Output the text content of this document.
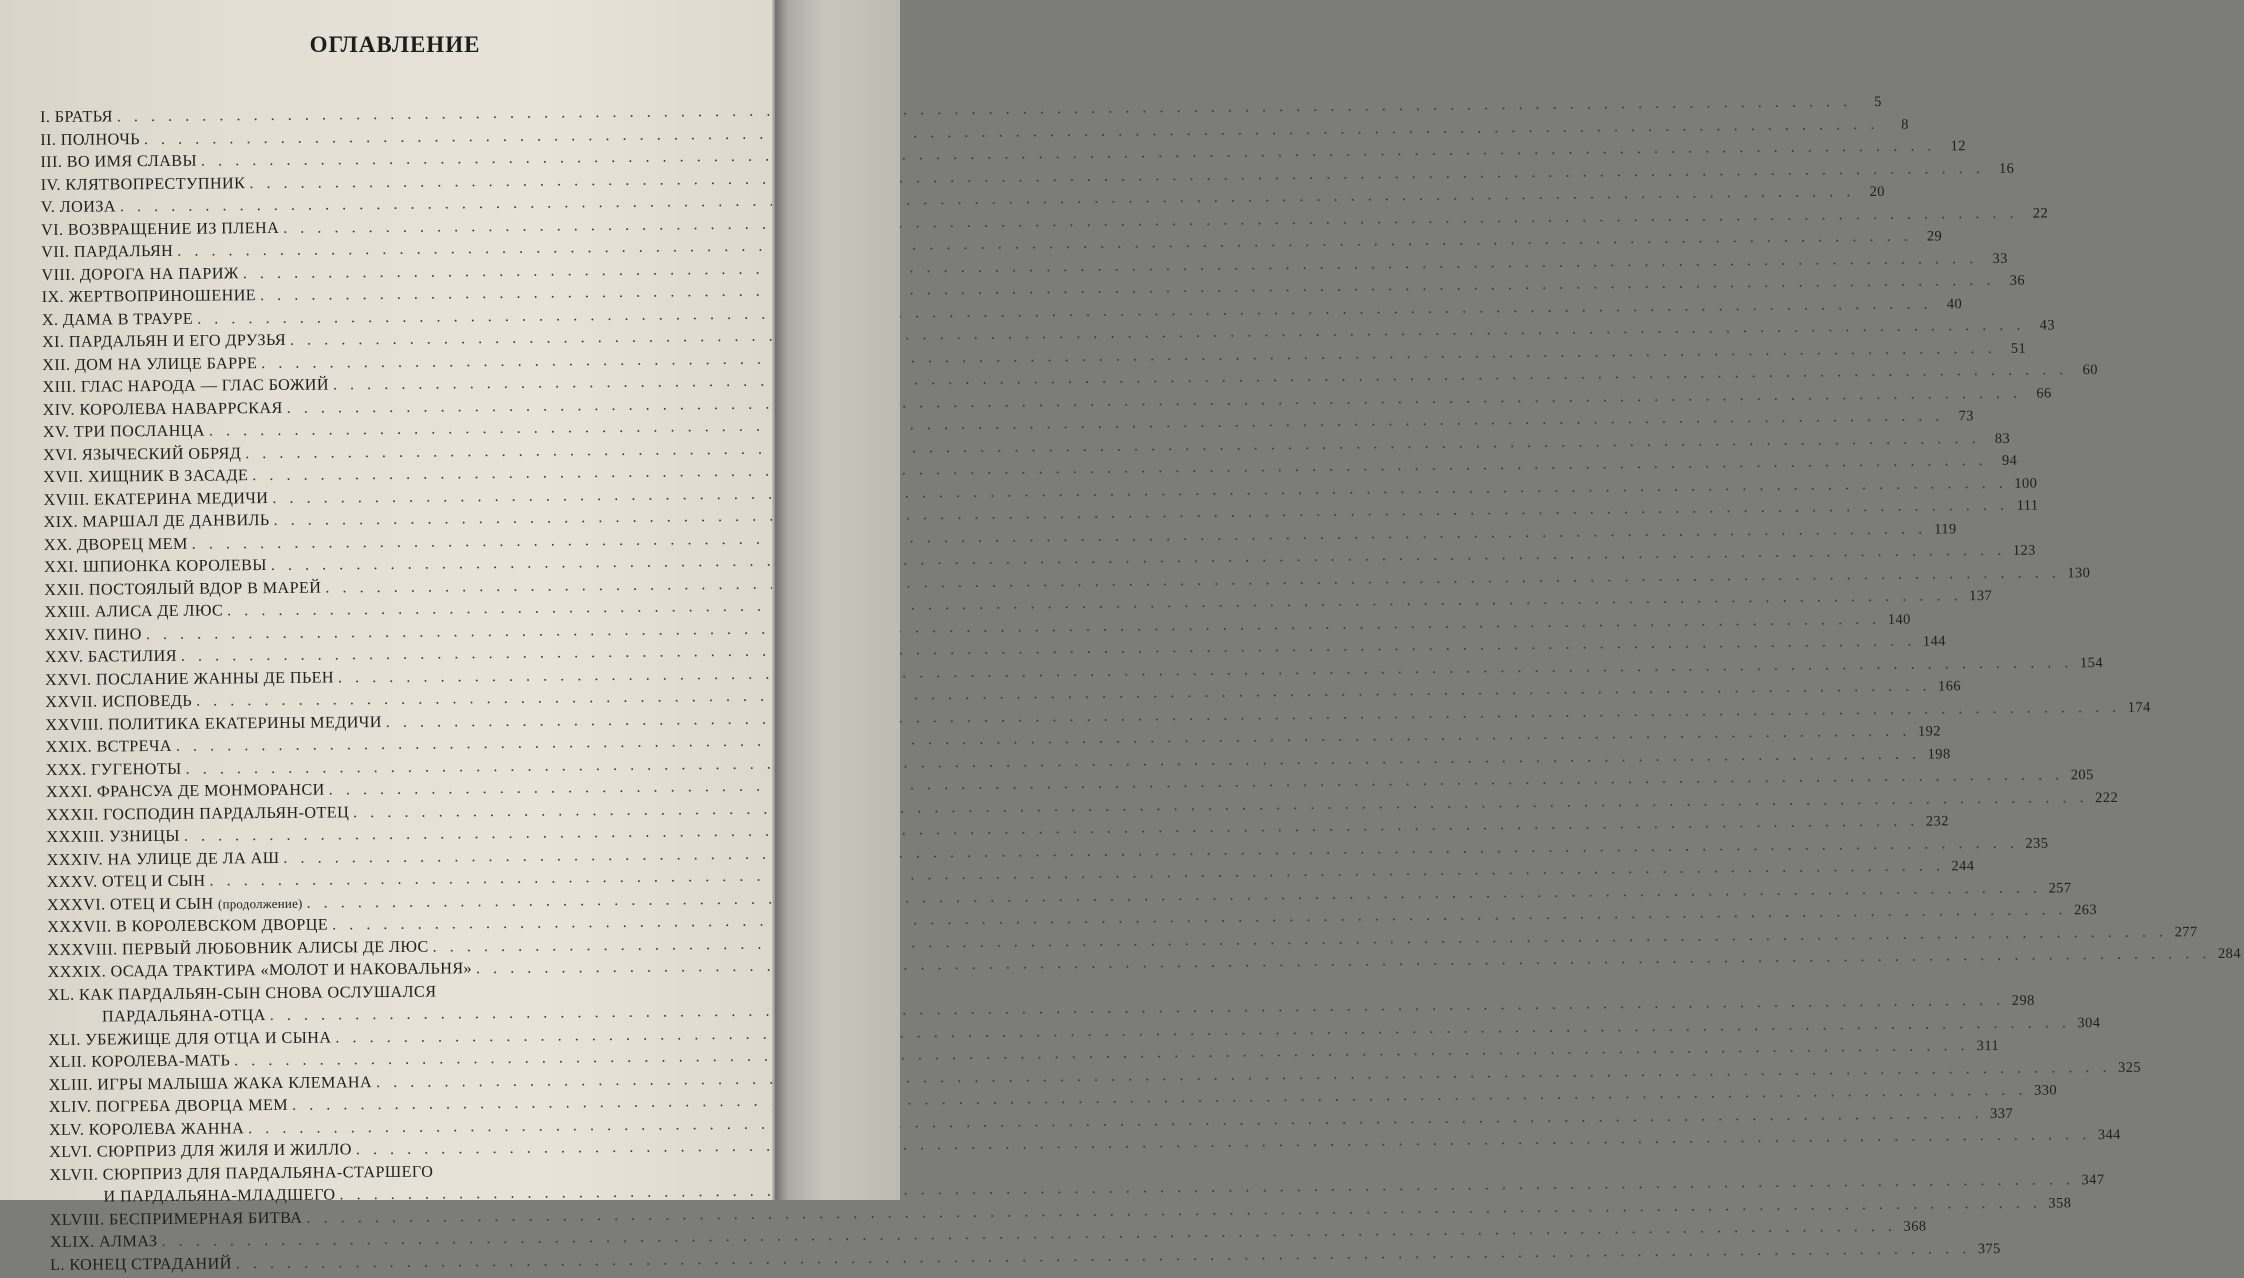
ОГЛАВЛЕНИЕ
I. БРАТЬЯ
. . .
5
II. ПОЛНОЧЬ
. . .
8
III. ВО ИМЯ СЛАВЫ
. . .
12
IV. КЛЯТВОПРЕСТУПНИК
. . .
16
V. ЛОИЗА
. . .
20
VI. ВОЗВРАЩЕНИЕ ИЗ ПЛЕНА
. . .
22
VII. ПАРДАЛЬЯН
. . .
29
VIII. ДОРОГА НА ПАРИЖ
. . .
33
IX. ЖЕРТВОПРИНОШЕНИЕ
. . .
36
X. ДАМА В ТРАУРЕ
. . .
40
XI. ПАРДАЛЬЯН И ЕГО ДРУЗЬЯ
. . .
43
XII. ДОМ НА УЛИЦЕ БАРРЕ
. . .
51
XIII. ГЛАС НАРОДА — ГЛАС БОЖИЙ
. . .
60
XIV. КОРОЛЕВА НАВАРРСКАЯ
. . .
66
XV. ТРИ ПОСЛАНЦА
. . .
73
XVI. ЯЗЫЧЕСКИЙ ОБРЯД
. . .
83
XVII. ХИЩНИК В ЗАСАДЕ
. . .
94
XVIII. ЕКАТЕРИНА МЕДИЧИ
. . .
100
XIX. МАРШАЛ ДЕ ДАНВИЛЬ
. . .
111
XX. ДВОРЕЦ МЕМ
. . .
119
XXI. ШПИОНКА КОРОЛЕВЫ
. . .
123
XXII. ПОСТОЯЛЫЙ ВДОР В МАРЕЙ
. . .
130
XXIII. АЛИСА ДЕ ЛЮС
. . .
137
XXIV. ПИНО
. . .
140
XXV. БАСТИЛИЯ
. . .
144
XXVI. ПОСЛАНИЕ ЖАННЫ ДЕ ПЬЕН
. . .
154
XXVII. ИСПОВЕДЬ
. . .
166
XXVIII. ПОЛИТИКА ЕКАТЕРИНЫ МЕДИЧИ
. . .
174
XXIX. ВСТРЕЧА
. . .
192
XXX. ГУГЕНОТЫ
. . .
198
XXXI. ФРАНСУА ДЕ МОНМОРАНСИ
. . .
205
XXXII. ГОСПОДИН ПАРДАЛЬЯН-ОТЕЦ
. . .
222
XXXIII. УЗНИЦЫ
. . .
232
XXXIV. НА УЛИЦЕ ДЕ ЛА АШ
. . .
235
XXXV. ОТЕЦ И СЫН
. . .
244
XXXVI. ОТЕЦ И СЫН (продолжение)
. . .
257
XXXVII. В КОРОЛЕВСКОМ ДВОРЦЕ
. . .
263
XXXVIII. ПЕРВЫЙ ЛЮБОВНИК АЛИСЫ ДЕ ЛЮС
. . .
277
XXXIX. ОСАДА ТРАКТИРА «МОЛОТ И НАКОВАЛЬНЯ»
. . .
284
XL. КАК ПАРДАЛЬЯН-СЫН СНОВА ОСЛУШАЛСЯ
ПАРДАЛЬЯНА-ОТЦА
. . .
298
XLI. УБЕЖИЩЕ ДЛЯ ОТЦА И СЫНА
. . .
304
XLII. КОРОЛЕВА-МАТЬ
. . .
311
XLIII. ИГРЫ МАЛЫША ЖАКА КЛЕМАНА
. . .
325
XLIV. ПОГРЕБА ДВОРЦА МЕМ
. . .
330
XLV. КОРОЛЕВА ЖАННА
. . .
337
XLVI. СЮРПРИЗ ДЛЯ ЖИЛЯ И ЖИЛЛО
. . .
344
XLVII. СЮРПРИЗ ДЛЯ ПАРДАЛЬЯНА-СТАРШЕГО
И ПАРДАЛЬЯНА-МЛАДШЕГО
. . .
347
XLVIII. БЕСПРИМЕРНАЯ БИТВА
. . .
358
XLIX. АЛМАЗ
. . .
368
L. КОНЕЦ СТРАДАНИЙ
. . .
375
